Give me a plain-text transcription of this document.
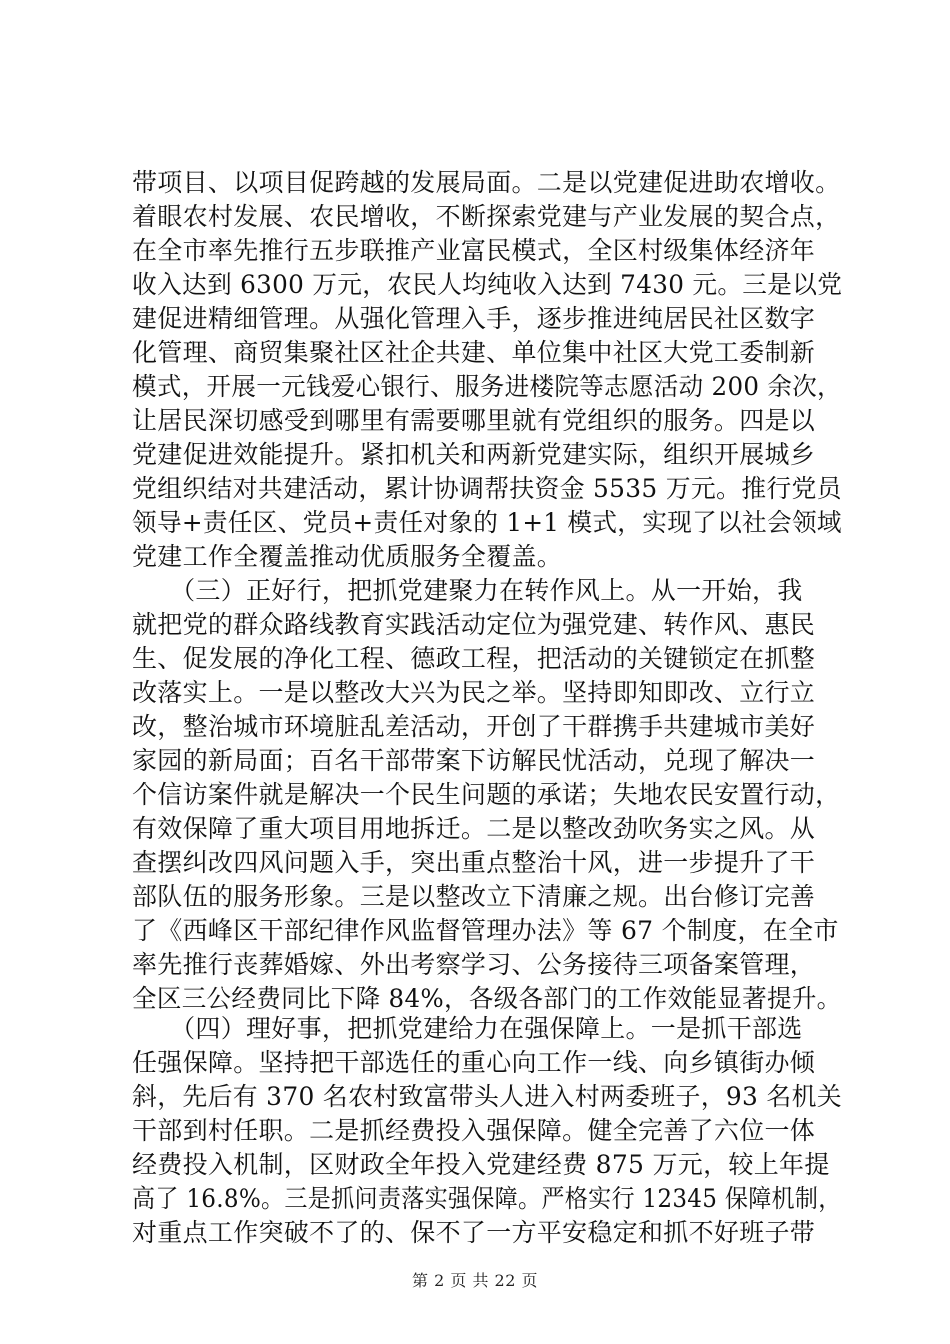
带项目、以项目促跨越的发展局面。二是以党建促进助农增收。
着眼农村发展、农民增收，不断探索党建与产业发展的契合点，
在全市率先推行五步联推产业富民模式，全区村级集体经济年
收入达到 6300 万元，农民人均纯收入达到 7430 元。三是以党
建促进精细管理。从强化管理入手，逐步推进纯居民社区数字
化管理、商贸集聚社区社企共建、单位集中社区大党工委制新
模式，开展一元钱爱心银行、服务进楼院等志愿活动 200 余次，
让居民深切感受到哪里有需要哪里就有党组织的服务。四是以
党建促进效能提升。紧扣机关和两新党建实际，组织开展城乡
党组织结对共建活动，累计协调帮扶资金 5535 万元。推行党员
领导+责任区、党员+责任对象的 1+1 模式，实现了以社会领域
党建工作全覆盖推动优质服务全覆盖。
　　（三）正好行，把抓党建聚力在转作风上。从一开始，我
就把党的群众路线教育实践活动定位为强党建、转作风、惠民
生、促发展的净化工程、德政工程，把活动的关键锁定在抓整
改落实上。一是以整改大兴为民之举。坚持即知即改、立行立
改，整治城市环境脏乱差活动，开创了干群携手共建城市美好
家园的新局面；百名干部带案下访解民忧活动，兑现了解决一
个信访案件就是解决一个民生问题的承诺；失地农民安置行动，
有效保障了重大项目用地拆迁。二是以整改劲吹务实之风。从
查摆纠改四风问题入手，突出重点整治十风，进一步提升了干
部队伍的服务形象。三是以整改立下清廉之规。出台修订完善
了《西峰区干部纪律作风监督管理办法》等 67 个制度，在全市
率先推行丧葬婚嫁、外出考察学习、公务接待三项备案管理，
全区三公经费同比下降 84%，各级各部门的工作效能显著提升。
　　（四）理好事，把抓党建给力在强保障上。一是抓干部选
任强保障。坚持把干部选任的重心向工作一线、向乡镇街办倾
斜，先后有 370 名农村致富带头人进入村两委班子，93 名机关
干部到村任职。二是抓经费投入强保障。健全完善了六位一体
经费投入机制，区财政全年投入党建经费 875 万元，较上年提
高了 16.8%。三是抓问责落实强保障。严格实行 12345 保障机制，
对重点工作突破不了的、保不了一方平安稳定和抓不好班子带
第 2 页 共 22 页
